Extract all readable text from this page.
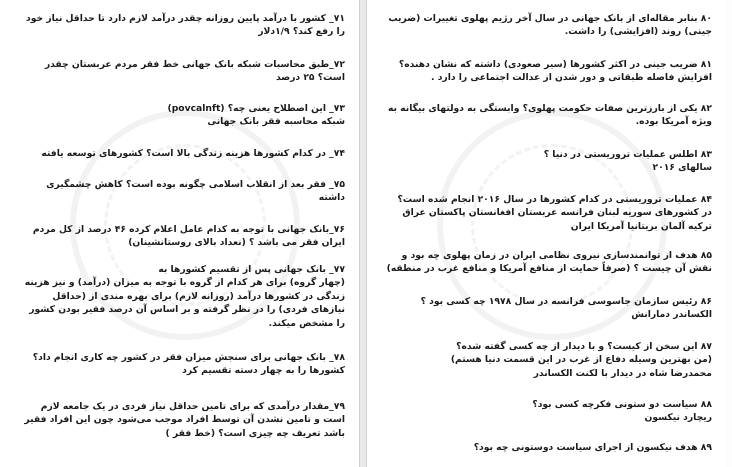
۷۱_ کشور با درآمد پایین روزانه چقدر درآمد لازم دارد تا حداقل نیاز خود
را رفع کند؟ ۱/۹دلار
۷۲_طبق محاسبات شبکه بانک جهانی خط فقر مردم عربستان چقدر
است؟ ۲۵ درصد
۷۳_ این اصطلاح یعنی چه؟ (povcalnft)
شبکه محاسبه فقر بانک جهانی
۷۴_ در کدام کشورها هزینه زندگی بالا است؟ کشورهای توسعه یافته
۷۵_ فقر بعد از انقلاب اسلامی چگونه بوده است؟ کاهش چشمگیری
داشته
۷۶_بانک جهانی با توجه به کدام عامل اعلام کرده ۴۶ درصد از کل مردم
ایران فقر می باشد ؟ (نعداد بالای روستانشینان)
۷۷_ بانک جهانی پس از تقسیم کشورها به
(چهار گروه) برای هر کدام از گروه با توجه به میزان (درآمد) و نیز هزینه
زندگی در کشورها درآمد (روزانه لازم) برای بهره مندی از (حداقل
نیازهای فردی) را در نظر گرفته و بر اساس آن درصد فقیر بودن کشور
را مشخص میکند.
۷۸_ بانک جهانی برای سنجش میزان فقر در کشور چه کاری انجام داد؟
کشورها را به چهار دسته تقسیم کرد
۷۹_مقدار درآمدی که برای تامین حداقل نیاز فردی در یک جامعه لازم
است و تامین نشدن آن توسط افراد موجب می‌شود چون این افراد فقیر
باشد تعریف چه چیزی است؟ (خط فقر )
۸۰ بنابر مقاله‌ای از بانک جهانی در سال آخر رژیم پهلوی تغییرات (ضریب
جینی) روند (افزایشی) را داشت.
۸۱ ضریب جینی در اکثر کشورها (سیر صعودی) داشته که نشان دهنده؟
افزایش فاصله طبقاتی و دور شدن از عدالت اجتماعی را دارد .
۸۲ یکی از بارزترین صفات حکومت پهلوی؟ وابستگی به دولتهای بیگانه به
ویژه آمریکا بوده.
۸۳ اطلس عملیات تروریستی در دنیا ؟
سالهای ۲۰۱۶
۸۴ عملیات تروریستی در کدام کشورها در سال ۲۰۱۶ انجام شده است؟
در کشورهای سوریه لبنان فرانسه عربستان افغانستان پاکستان عراق
ترکیه آلمان بریتانیا آمریکا ایران
۸۵ هدف از توانمندسازی نیروی نظامی ایران در زمان پهلوی چه بود و
نقش آن چیست ؟ (صرفاً حمایت از منافع آمریکا و منافع غرب در منطقه)
۸۶ رئیس سازمان جاسوسی فرانسه در سال ۱۹۷۸ چه کسی بود ؟
الکساندر دمارانش
۸۷ این سخن از کیست؟ و با دیدار از چه کسی گفته شده؟
(من بهترین وسیله دفاع از غرب در این قسمت دنیا هستم)
محمدرضا شاه در دیدار با لکنت الکساندر
۸۸ سیاست دو ستونی فکرچه کسی بود؟
ریچارد نیکسون
۸۹ هدف نیکسون از اجرای سیاست دوستونی چه بود؟
